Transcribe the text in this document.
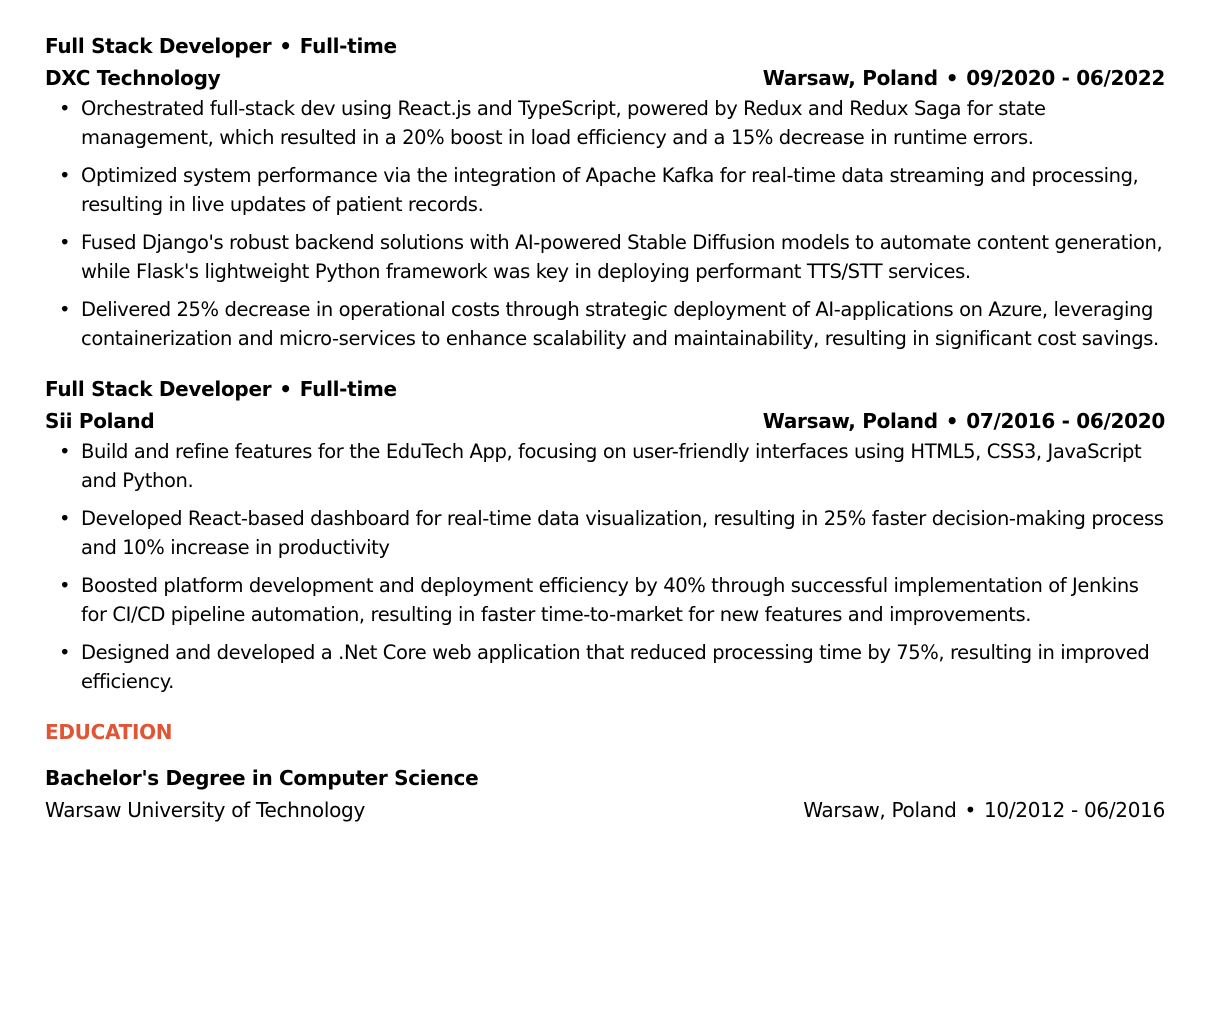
Full Stack Developer • Full-time
DXC Technology	Warsaw, Poland • 09/2020 - 06/2022
• Orchestrated full-stack dev using React.js and TypeScript, powered by Redux and Redux Saga for state management, which resulted in a 20% boost in load efficiency and a 15% decrease in runtime errors.
• Optimized system performance via the integration of Apache Kafka for real-time data streaming and processing, resulting in live updates of patient records.
• Fused Django's robust backend solutions with AI-powered Stable Diffusion models to automate content generation, while Flask's lightweight Python framework was key in deploying performant TTS/STT services.
• Delivered 25% decrease in operational costs through strategic deployment of AI-applications on Azure, leveraging containerization and micro-services to enhance scalability and maintainability, resulting in significant cost savings.
Full Stack Developer • Full-time
Sii Poland	Warsaw, Poland • 07/2016 - 06/2020
• Build and refine features for the EduTech App, focusing on user-friendly interfaces using HTML5, CSS3, JavaScript and Python.
• Developed React-based dashboard for real-time data visualization, resulting in 25% faster decision-making process and 10% increase in productivity
• Boosted platform development and deployment efficiency by 40% through successful implementation of Jenkins for CI/CD pipeline automation, resulting in faster time-to-market for new features and improvements.
• Designed and developed a .Net Core web application that reduced processing time by 75%, resulting in improved efficiency.
EDUCATION
Bachelor's Degree in Computer Science
Warsaw University of Technology	Warsaw, Poland • 10/2012 - 06/2016
